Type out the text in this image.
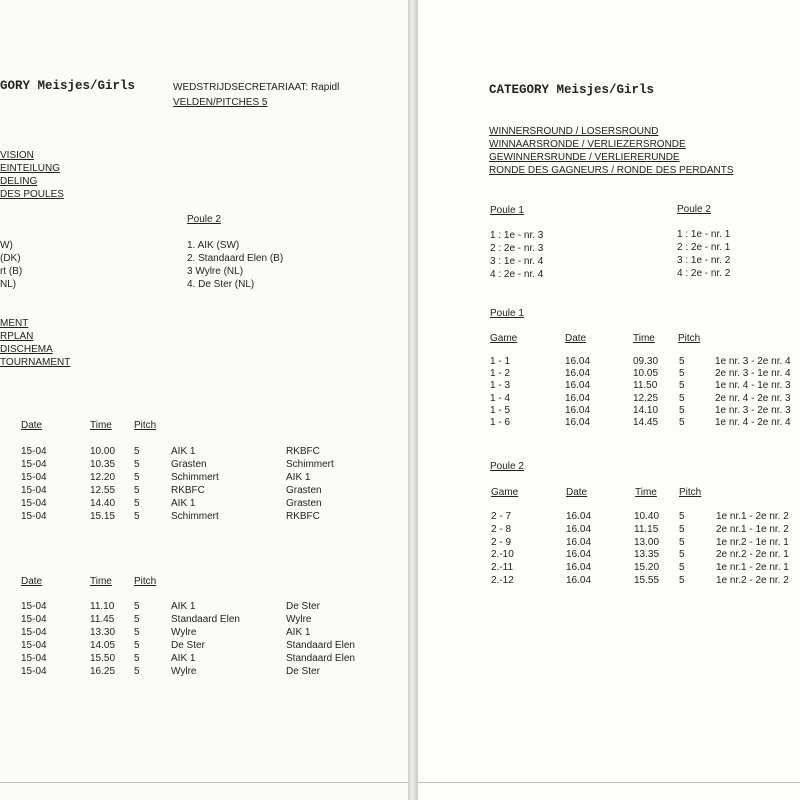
GORY Meisjes/Girls	WEDSTRIJDSECRETARIAAT: Rapidl
VELDEN/PITCHES 5
VISION
EINTEILUNG
DELING
DES POULES
Poule 2
W)
(DK)
rt (B)
NL)
1. AIK (SW)
2. Standaard Elen (B)
3 Wylre (NL)
4. De Ster (NL)
MENT
RPLAN
DISCHEMA
TOURNAMENT
Date	Time Pitch
15-04	10.00 5	AIK 1	RKBFC
15-04	10.35 5	Grasten	Schimmert
15-04	12.20 5	Schimmert	AIK 1
15-04	12.55 5	RKBFC	Grasten
15-04	14.40 5	AIK 1	Grasten
15-04	15.15 5	Schimmert	RKBFC
Date	Time Pitch
15-04	11.10 5	AIK 1	De Ster
15-04	11.45 5	Standaard Elen	Wylre
15-04	13.30 5	Wylre	AIK 1
15-04	14.05 5	De Ster	Standaard Elen
15-04	15.50 5	AIK 1	Standaard Elen
15-04	16.25 5	Wylre	De Ster

CATEGORY Meisjes/Girls
WINNERSROUND / LOSERSROUND
WINNAARSRONDE / VERLIEZERSRONDE
GEWINNERSRUNDE / VERLIERERUNDE
RONDE DES GAGNEURS / RONDE DES PERDANTS
Poule 1	Poule 2
1 : 1e - nr. 3
2 : 2e - nr. 3
3 : 1e - nr. 4
4 : 2e - nr. 4
1 : 1e - nr. 1
2 : 2e - nr. 1
3 : 1e - nr. 2
4 : 2e - nr. 2
Poule 1
Game	Date	Time Pitch
1 - 1	16.04	09.30 5	1e nr. 3 - 2e nr. 4
1 - 2	16.04	10.05 5	2e nr. 3 - 1e nr. 4
1 - 3	16.04	11.50 5	1e nr. 4 - 1e nr. 3
1 - 4	16.04	12.25 5	2e nr. 4 - 2e nr. 3
1 - 5	16.04	14.10 5	1e nr. 3 - 2e nr. 3
1 - 6	16.04	14.45 5	1e nr. 4 - 2e nr. 4
Poule 2
Game	Date	Time Pitch
2 - 7	16.04	10.40 5	1e nr.1 - 2e nr. 2
2 - 8	16.04	11.15 5	2e nr.1 - 1e nr. 2
2 - 9	16.04	13.00 5	1e nr.2 - 1e nr. 1
2.-10	16.04	13.35 5	2e nr.2 - 2e nr. 1
2.-11	16.04	15.20 5	1e nr.1 - 2e nr. 1
2.-12	16.04	15.55 5	1e nr.2 - 2e nr. 2
